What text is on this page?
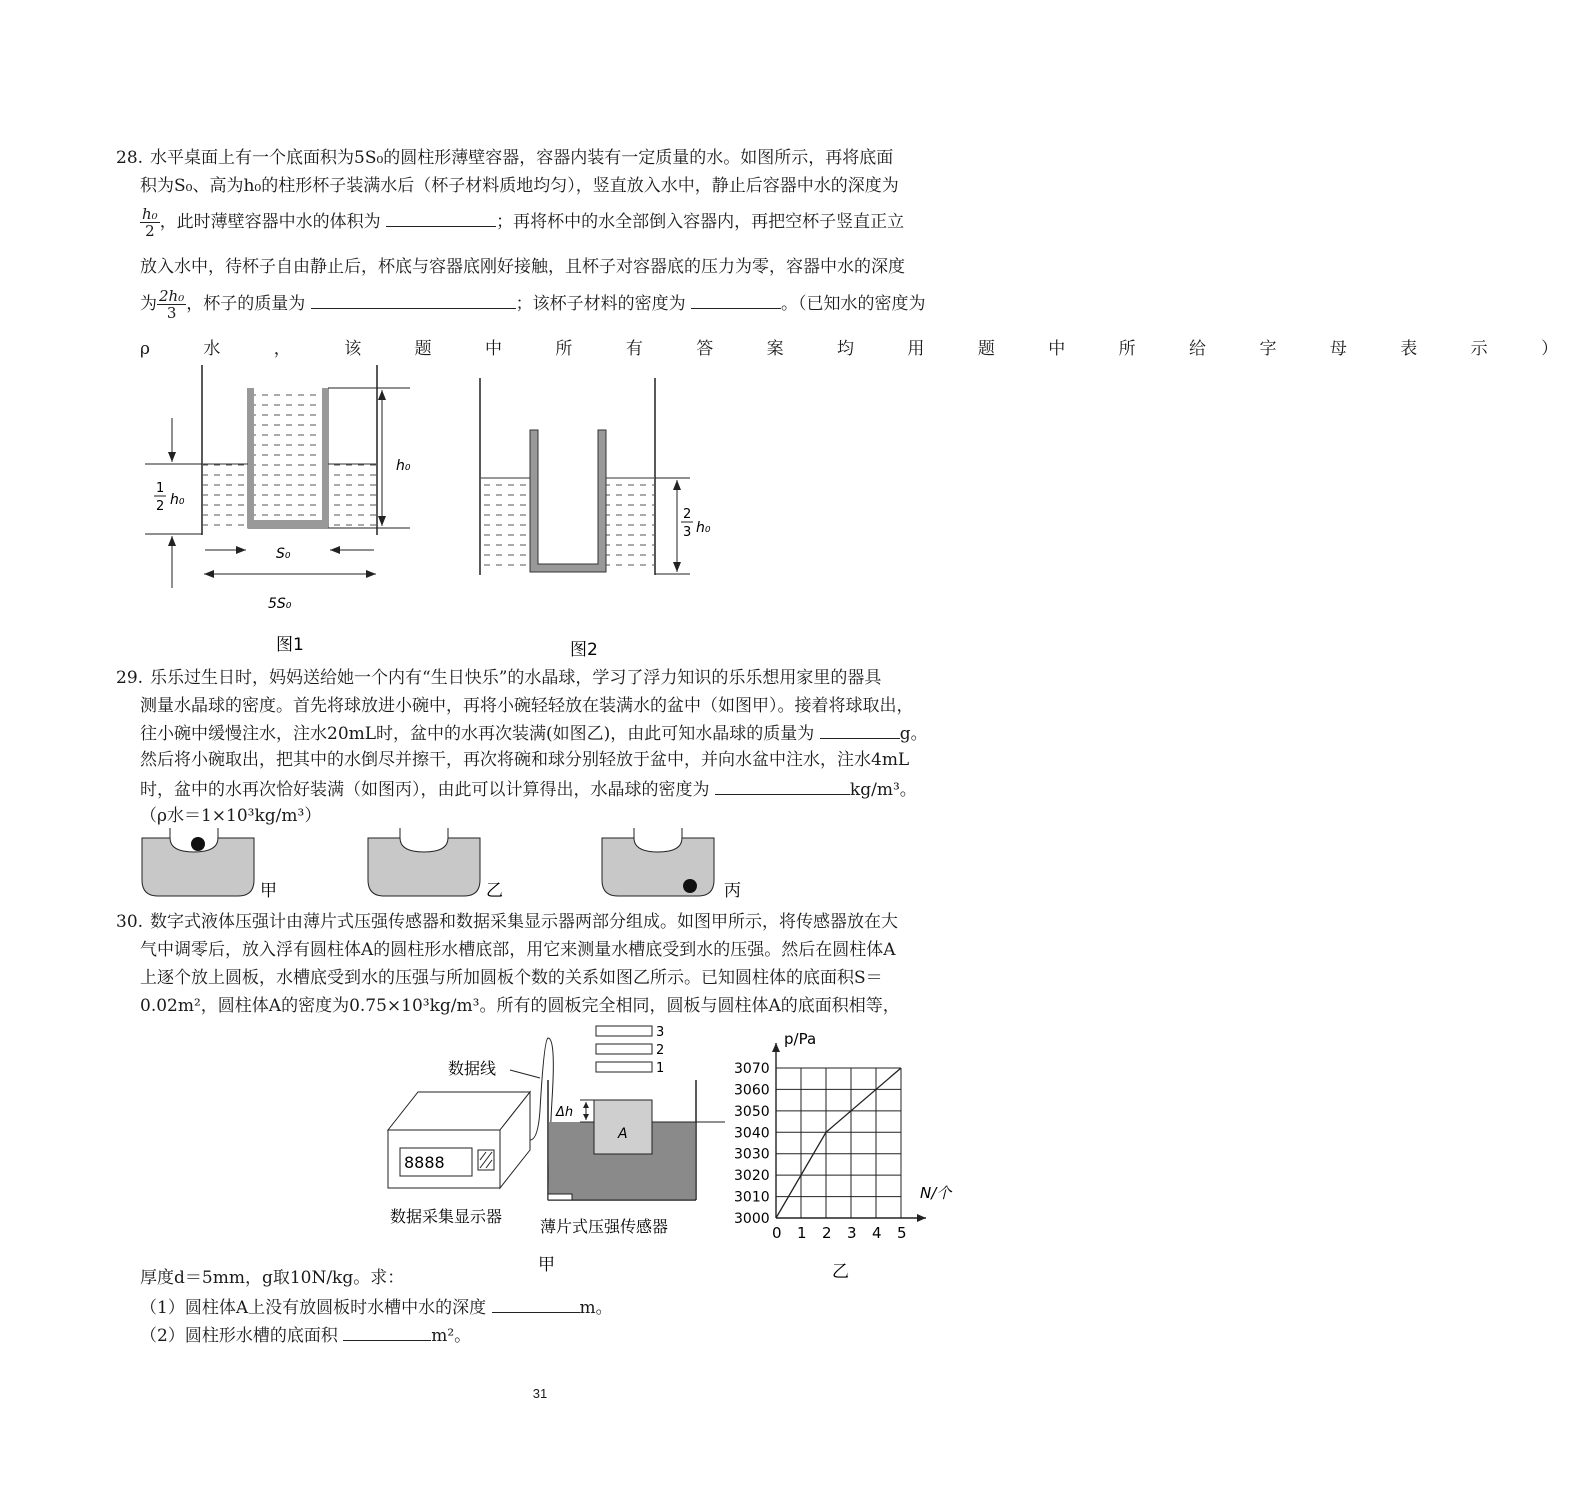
28. 水平桌面上有一个底面积为5S₀的圆柱形薄壁容器，容器内装有一定质量的水。如图所示，再将底面
积为S₀、高为h₀的柱形杯子装满水后（杯子材料质地均匀），竖直放入水中，静止后容器中水的深度为
$\frac{\text{h₀}}{2}$ ，此时薄壁容器中水的体积为	；再将杯中的水全部倒入容器内，再把空杯子竖直正立
放入水中，待杯子自由静止后，杯底与容器底刚好接触，且杯子对容器底的压力为零，容器中水的深度
为 $\frac{\text{2h₀}}{3}$ ，杯子的质量为	；该杯子材料的密度为	。（已知水的密度为
ρ 水 ， 该 题 中 所 有 答 案 均 用 题 中 所 给 字 母 表 示 ）
h₀
1
2 h₀
S₀
5S₀
图1
2
3 h₀
图2
29. 乐乐过生日时，妈妈送给她一个内有“生日快乐”的水晶球，学习了浮力知识的乐乐想用家里的器具
测量水晶球的密度。首先将球放进小碗中，再将小碗轻轻放在装满水的盆中（如图甲）。接着将球取出，
往小碗中缓慢注水，注水20mL时，盆中的水再次装满(如图乙)，由此可知水晶球的质量为	g。
然后将小碗取出，把其中的水倒尽并擦干，再次将碗和球分别轻放于盆中，并向水盆中注水，注水4mL
时，盆中的水再次恰好装满（如图丙），由此可以计算得出，水晶球的密度为	kg/m³。
（ρ水＝1×10³kg/m³）
甲	乙	丙
30. 数字式液体压强计由薄片式压强传感器和数据采集显示器两部分组成。如图甲所示，将传感器放在大
气中调零后，放入浮有圆柱体A的圆柱形水槽底部，用它来测量水槽底受到水的压强。然后在圆柱体A
上逐个放上圆板，水槽底受到水的压强与所加圆板个数的关系如图乙所示。已知圆柱体的底面积S＝
0.02m²，圆柱体A的密度为0.75×10³kg/m³。所有的圆板完全相同，圆板与圆柱体A的底面积相等，
8888
数据采集显示器
数据线
A
Δh
薄片式压强传感器
3
2
1
甲
0 1 2 3 4 5
3000
3010
3020
3030
3040
3050
3060
3070
p/Pa
N/个
乙
厚度d＝5mm，g取10N/kg。求：
（1）圆柱体A上没有放圆板时水槽中水的深度	m。
（2）圆柱形水槽的底面积	m²。
31
